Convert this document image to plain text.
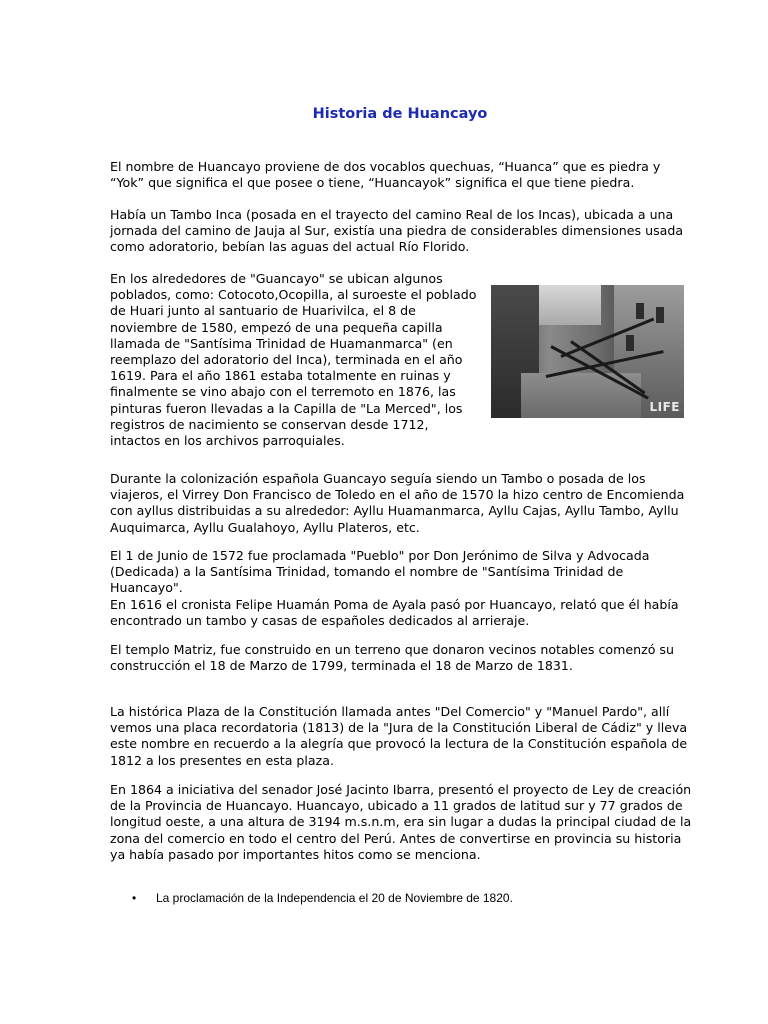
Historia de Huancayo

El nombre de Huancayo proviene de dos vocablos quechuas, “Huanca” que es piedra y “Yok” que significa el que posee o tiene, “Huancayok” significa el que tiene piedra.

Había un Tambo Inca (posada en el trayecto del camino Real de los Incas), ubicada a una jornada del camino de Jauja al Sur, existía una piedra de considerables dimensiones usada como adoratorio, bebían las aguas del actual Río Florido.

LIFE
En los alrededores de "Guancayo" se ubican algunos poblados, como: Cotocoto,Ocopilla, al suroeste el poblado de Huari junto al santuario de Huarivilca, el 8 de noviembre de 1580, empezó de una pequeña capilla llamada de "Santísima Trinidad de Huamanmarca" (en reemplazo del adoratorio del Inca), terminada en el año 1619. Para el año 1861 estaba totalmente en ruinas y finalmente se vino abajo con el terremoto en 1876, las pinturas fueron llevadas a la Capilla de "La Merced", los registros de nacimiento se conservan desde 1712, intactos en los archivos parroquiales.

Durante la colonización española Guancayo seguía siendo un Tambo o posada de los viajeros, el Virrey Don Francisco de Toledo en el año de 1570 la hizo centro de Encomienda con ayllus distribuidas a su alrededor: Ayllu Huamanmarca, Ayllu Cajas, Ayllu Tambo, Ayllu Auquimarca, Ayllu Gualahoyo, Ayllu Plateros, etc.

El 1 de Junio de 1572 fue proclamada "Pueblo" por Don Jerónimo de Silva y Advocada (Dedicada) a la Santísima Trinidad, tomando el nombre de "Santísima Trinidad de Huancayo".
En 1616 el cronista Felipe Huamán Poma de Ayala pasó por Huancayo, relató que él había encontrado un tambo y casas de españoles dedicados al arrieraje.

El templo Matriz, fue construido en un terreno que donaron vecinos notables comenzó su construcción el 18 de Marzo de 1799, terminada el 18 de Marzo de 1831.

La histórica Plaza de la Constitución llamada antes "Del Comercio" y "Manuel Pardo", allí vemos una placa recordatoria (1813) de la "Jura de la Constitución Liberal de Cádiz" y lleva este nombre en recuerdo a la alegría que provocó la lectura de la Constitución española de 1812 a los presentes en esta plaza.

En 1864 a iniciativa del senador José Jacinto Ibarra, presentó el proyecto de Ley de creación de la Provincia de Huancayo. Huancayo, ubicado a 11 grados de latitud sur y 77 grados de longitud oeste, a una altura de 3194 m.s.n.m, era sin lugar a dudas la principal ciudad de la zona del comercio en todo el centro del Perú. Antes de convertirse en provincia su historia ya había pasado por importantes hitos como se menciona.

• La proclamación de la Independencia el 20 de Noviembre de 1820.
